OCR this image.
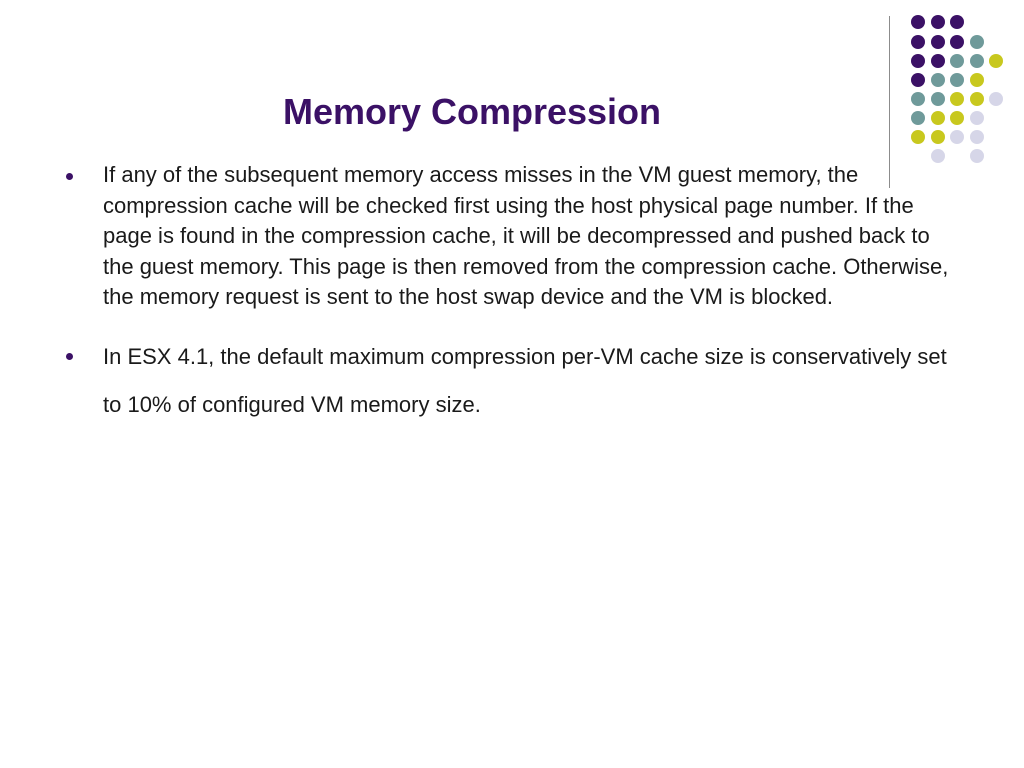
Memory Compression
If any of the subsequent memory access misses in the VM guest memory, the compression cache will be checked first using the host physical page number. If the page is found in the compression cache, it will be decompressed and pushed back to the guest memory. This page is then removed from the compression cache. Otherwise, the memory request is sent to the host swap device and the VM is blocked.
In ESX 4.1, the default maximum compression per-VM cache size is conservatively set to 10% of configured VM memory size.
